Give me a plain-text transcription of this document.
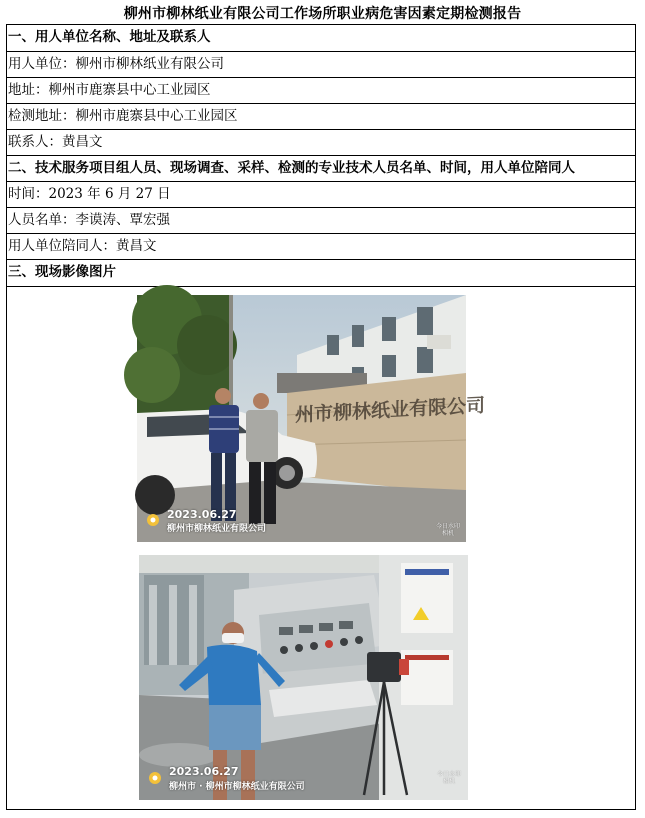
柳州市柳林纸业有限公司工作场所职业病危害因素定期检测报告
一、用人单位名称、地址及联系人
用人单位：柳州市柳林纸业有限公司
地址：柳州市鹿寨县中心工业园区
检测地址：柳州市鹿寨县中心工业园区
联系人：黄昌文
二、技术服务项目组人员、现场调查、采样、检测的专业技术人员名单、时间，用人单位陪同人
时间：2023 年 6 月 27 日
人员名单：李谟涛、覃宏强
用人单位陪同人：黄昌文
三、现场影像图片
州市柳林纸业有限公司
2023.06.27
柳州市柳林纸业有限公司	今日水印
相机
2023.06.27
柳州市 · 柳州市柳林纸业有限公司
今日水印
相机
